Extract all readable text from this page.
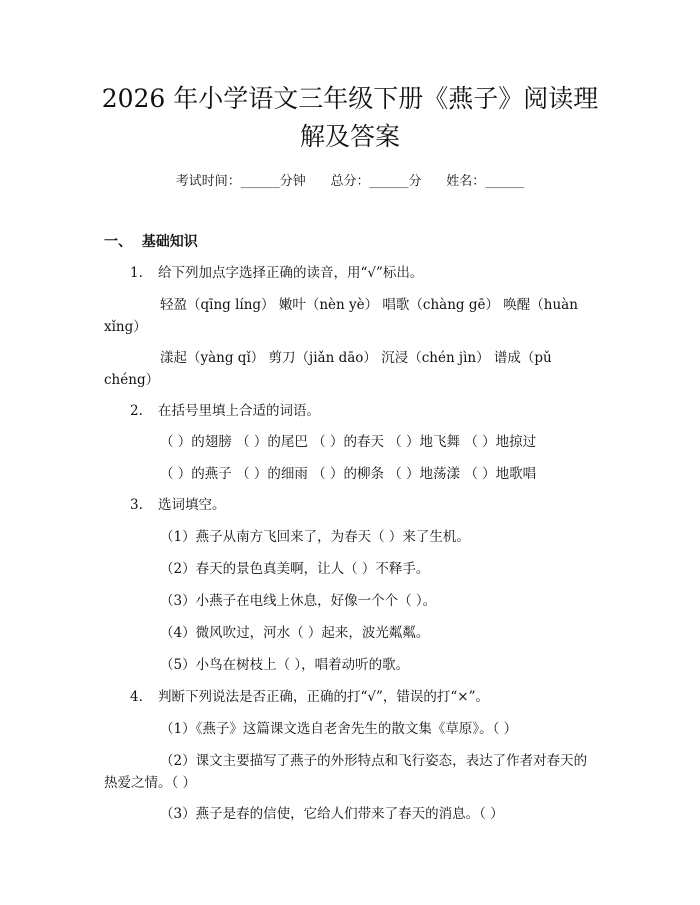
2026 年小学语文三年级下册《燕子》阅读理
解及答案
考试时间：______分钟      总分：______分      姓名：______
一、  基础知识
1. 给下列加点字选择正确的读音，用“√”标出。
轻盈（qīng líng） 嫩叶（nèn yè） 唱歌（chàng gē） 唤醒（huàn
xǐng）
漾起（yàng qǐ） 剪刀（jiǎn dāo） 沉浸（chén jìn） 谱成（pǔ
chéng）
2. 在括号里填上合适的词语。
（ ）的翅膀 （ ）的尾巴 （ ）的春天 （ ）地飞舞 （ ）地掠过
（ ）的燕子 （ ）的细雨 （ ）的柳条 （ ）地荡漾 （ ）地歌唱
3. 选词填空。
（1）燕子从南方飞回来了，为春天（ ）来了生机。
（2）春天的景色真美啊，让人（ ）不释手。
（3）小燕子在电线上休息，好像一个个（ ）。
（4）微风吹过，河水（ ）起来，波光粼粼。
（5）小鸟在树枝上（ ），唱着动听的歌。
4. 判断下列说法是否正确，正确的打“√”，错误的打“×”。
（1）《燕子》这篇课文选自老舍先生的散文集《草原》。（ ）
（2）课文主要描写了燕子的外形特点和飞行姿态，表达了作者对春天的
热爱之情。（ ）
（3）燕子是春的信使，它给人们带来了春天的消息。（ ）
